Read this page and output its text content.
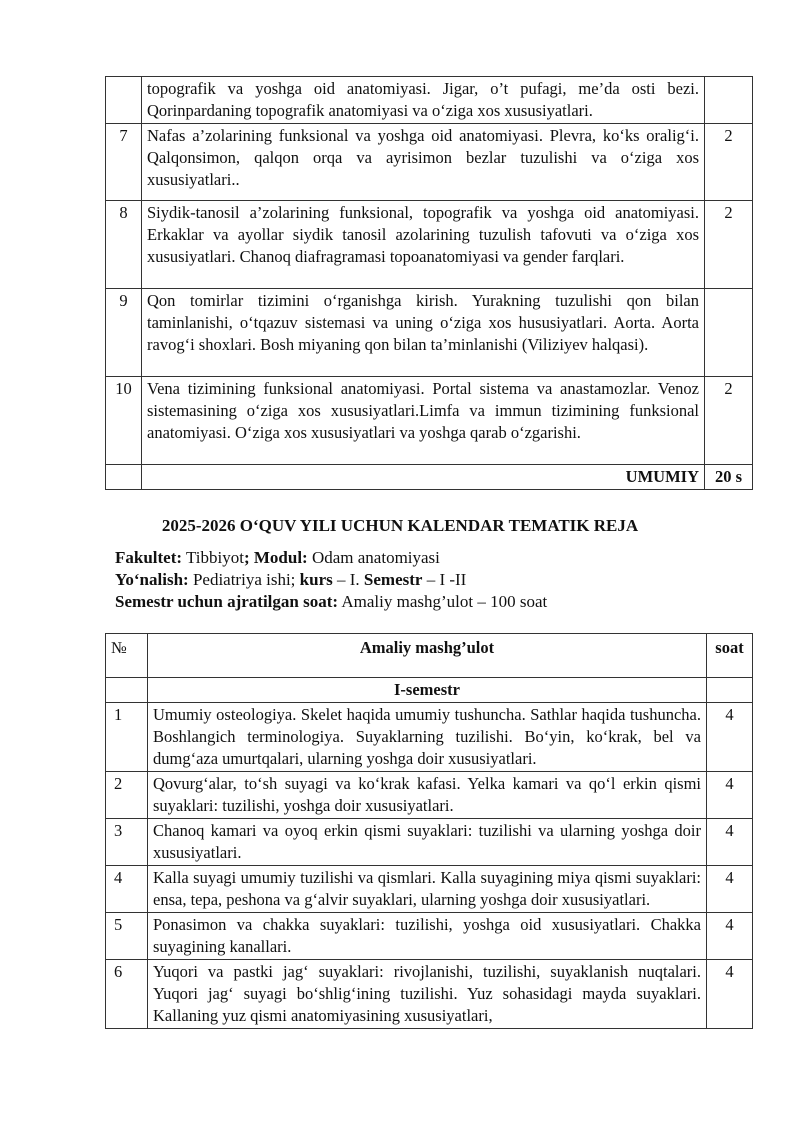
	topografik va yoshga oid anatomiyasi. Jigar, o’t pufagi, me’da osti bezi. Qorinpardaning topografik anatomiyasi va o‘ziga xos xususiyatlari.	
7	Nafas a’zolarining funksional va yoshga oid anatomiyasi. Plevra, ko‘ks oralig‘i. Qalqonsimon, qalqon orqa va ayrisimon bezlar tuzulishi va o‘ziga xos xususiyatlari..	2
8	Siydik-tanosil a’zolarining funksional, topografik va yoshga oid anatomiyasi. Erkaklar va ayollar siydik tanosil azolarining tuzulish tafovuti va o‘ziga xos xususiyatlari. Chanoq diafragramasi topoanatomiyasi va gender farqlari.	2
9	Qon tomirlar tizimini o‘rganishga kirish. Yurakning tuzulishi qon bilan taminlanishi, o‘tqazuv sistemasi va uning o‘ziga xos hususiyatlari. Aorta. Aorta ravog‘i shoxlari. Bosh miyaning qon bilan ta’minlanishi (Viliziyev halqasi).	
10	Vena tizimining funksional anatomiyasi. Portal sistema va anastamozlar. Venoz sistemasining o‘ziga xos xususiyatlari.Limfa va immun tizimining funksional anatomiyasi. O‘ziga xos xususiyatlari va yoshga qarab o‘zgarishi.	2
	UMUMIY	20 s
2025-2026 O‘QUV YILI UCHUN KALENDAR TEMATIK REJA
Fakultet: Tibbiyot; Modul: Odam anatomiyasi
Yo‘nalish: Pediatriya ishi; kurs – I. Semestr – I -II
Semestr uchun ajratilgan soat: Amaliy mashg’ulot – 100 soat
№	Amaliy mashg’ulot	soat
	I-semestr	
1	Umumiy osteologiya. Skelet haqida umumiy tushuncha. Sathlar haqida tushuncha. Boshlangich terminologiya. Suyaklarning tuzilishi. Bo‘yin, ko‘krak, bel va dumg‘aza umurtqalari, ularning yoshga doir xususiyatlari.	4
2	Qovurg‘alar, to‘sh suyagi va ko‘krak kafasi. Yelka kamari va qo‘l erkin qismi suyaklari: tuzilishi, yoshga doir xususiyatlari.	4
3	Chanoq kamari va oyoq erkin qismi suyaklari: tuzilishi va ularning yoshga doir xususiyatlari.	4
4	Kalla suyagi umumiy tuzilishi va qismlari. Kalla suyagining miya qismi suyaklari: ensa, tepa, peshona va g‘alvir suyaklari, ularning yoshga doir xususiyatlari.	4
5	Ponasimon va chakka suyaklari: tuzilishi, yoshga oid xususiyatlari. Chakka suyagining kanallari.	4
6	Yuqori va pastki jag‘ suyaklari: rivojlanishi, tuzilishi, suyaklanish nuqtalari. Yuqori jag‘ suyagi bo‘shlig‘ining tuzilishi. Yuz sohasidagi mayda suyaklari. Kallaning yuz qismi anatomiyasining xususiyatlari,	4
